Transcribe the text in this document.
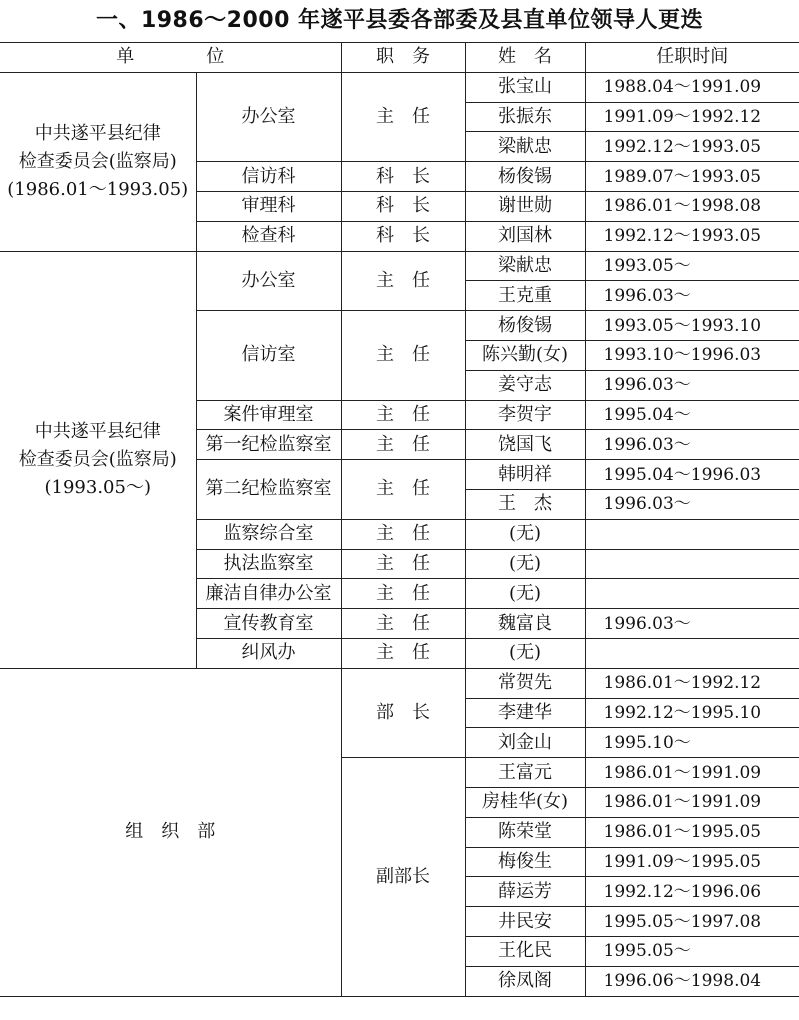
一、1986～2000 年遂平县委各部委及县直单位领导人更迭
单　　　　位		职　务	姓　名	任职时间
中共遂平县纪律
检查委员会(监察局)
(1986.01～1993.05)	办公室	主　任	张宝山	1988.04～1991.09
			张振东	1991.09～1992.12
			梁献忠	1992.12～1993.05
	信访科	科　长	杨俊锡	1989.07～1993.05
	审理科	科　长	谢世勋	1986.01～1998.08
	检查科	科　长	刘国林	1992.12～1993.05
中共遂平县纪律
检查委员会(监察局)
(1993.05～)	办公室	主　任	梁献忠	1993.05～
			王克重	1996.03～
	信访室	主　任	杨俊锡	1993.05～1993.10
			陈兴勤(女)	1993.10～1996.03
			姜守志	1996.03～
	案件审理室	主　任	李贺宇	1995.04～
	第一纪检监察室	主　任	饶国飞	1996.03～
	第二纪检监察室	主　任	韩明祥	1995.04～1996.03
			王　杰	1996.03～
	监察综合室	主　任	(无)	
	执法监察室	主　任	(无)	
	廉洁自律办公室	主　任	(无)	
	宣传教育室	主　任	魏富良	1996.03～
	纠风办	主　任	(无)	
组　织　部		部　长	常贺先	1986.01～1992.12
			李建华	1992.12～1995.10
			刘金山	1995.10～
		副部长	王富元	1986.01～1991.09
			房桂华(女)	1986.01～1991.09
			陈荣堂	1986.01～1995.05
			梅俊生	1991.09～1995.05
			薛运芳	1992.12～1996.06
			井民安	1995.05～1997.08
			王化民	1995.05～
			徐凤阁	1996.06～1998.04
